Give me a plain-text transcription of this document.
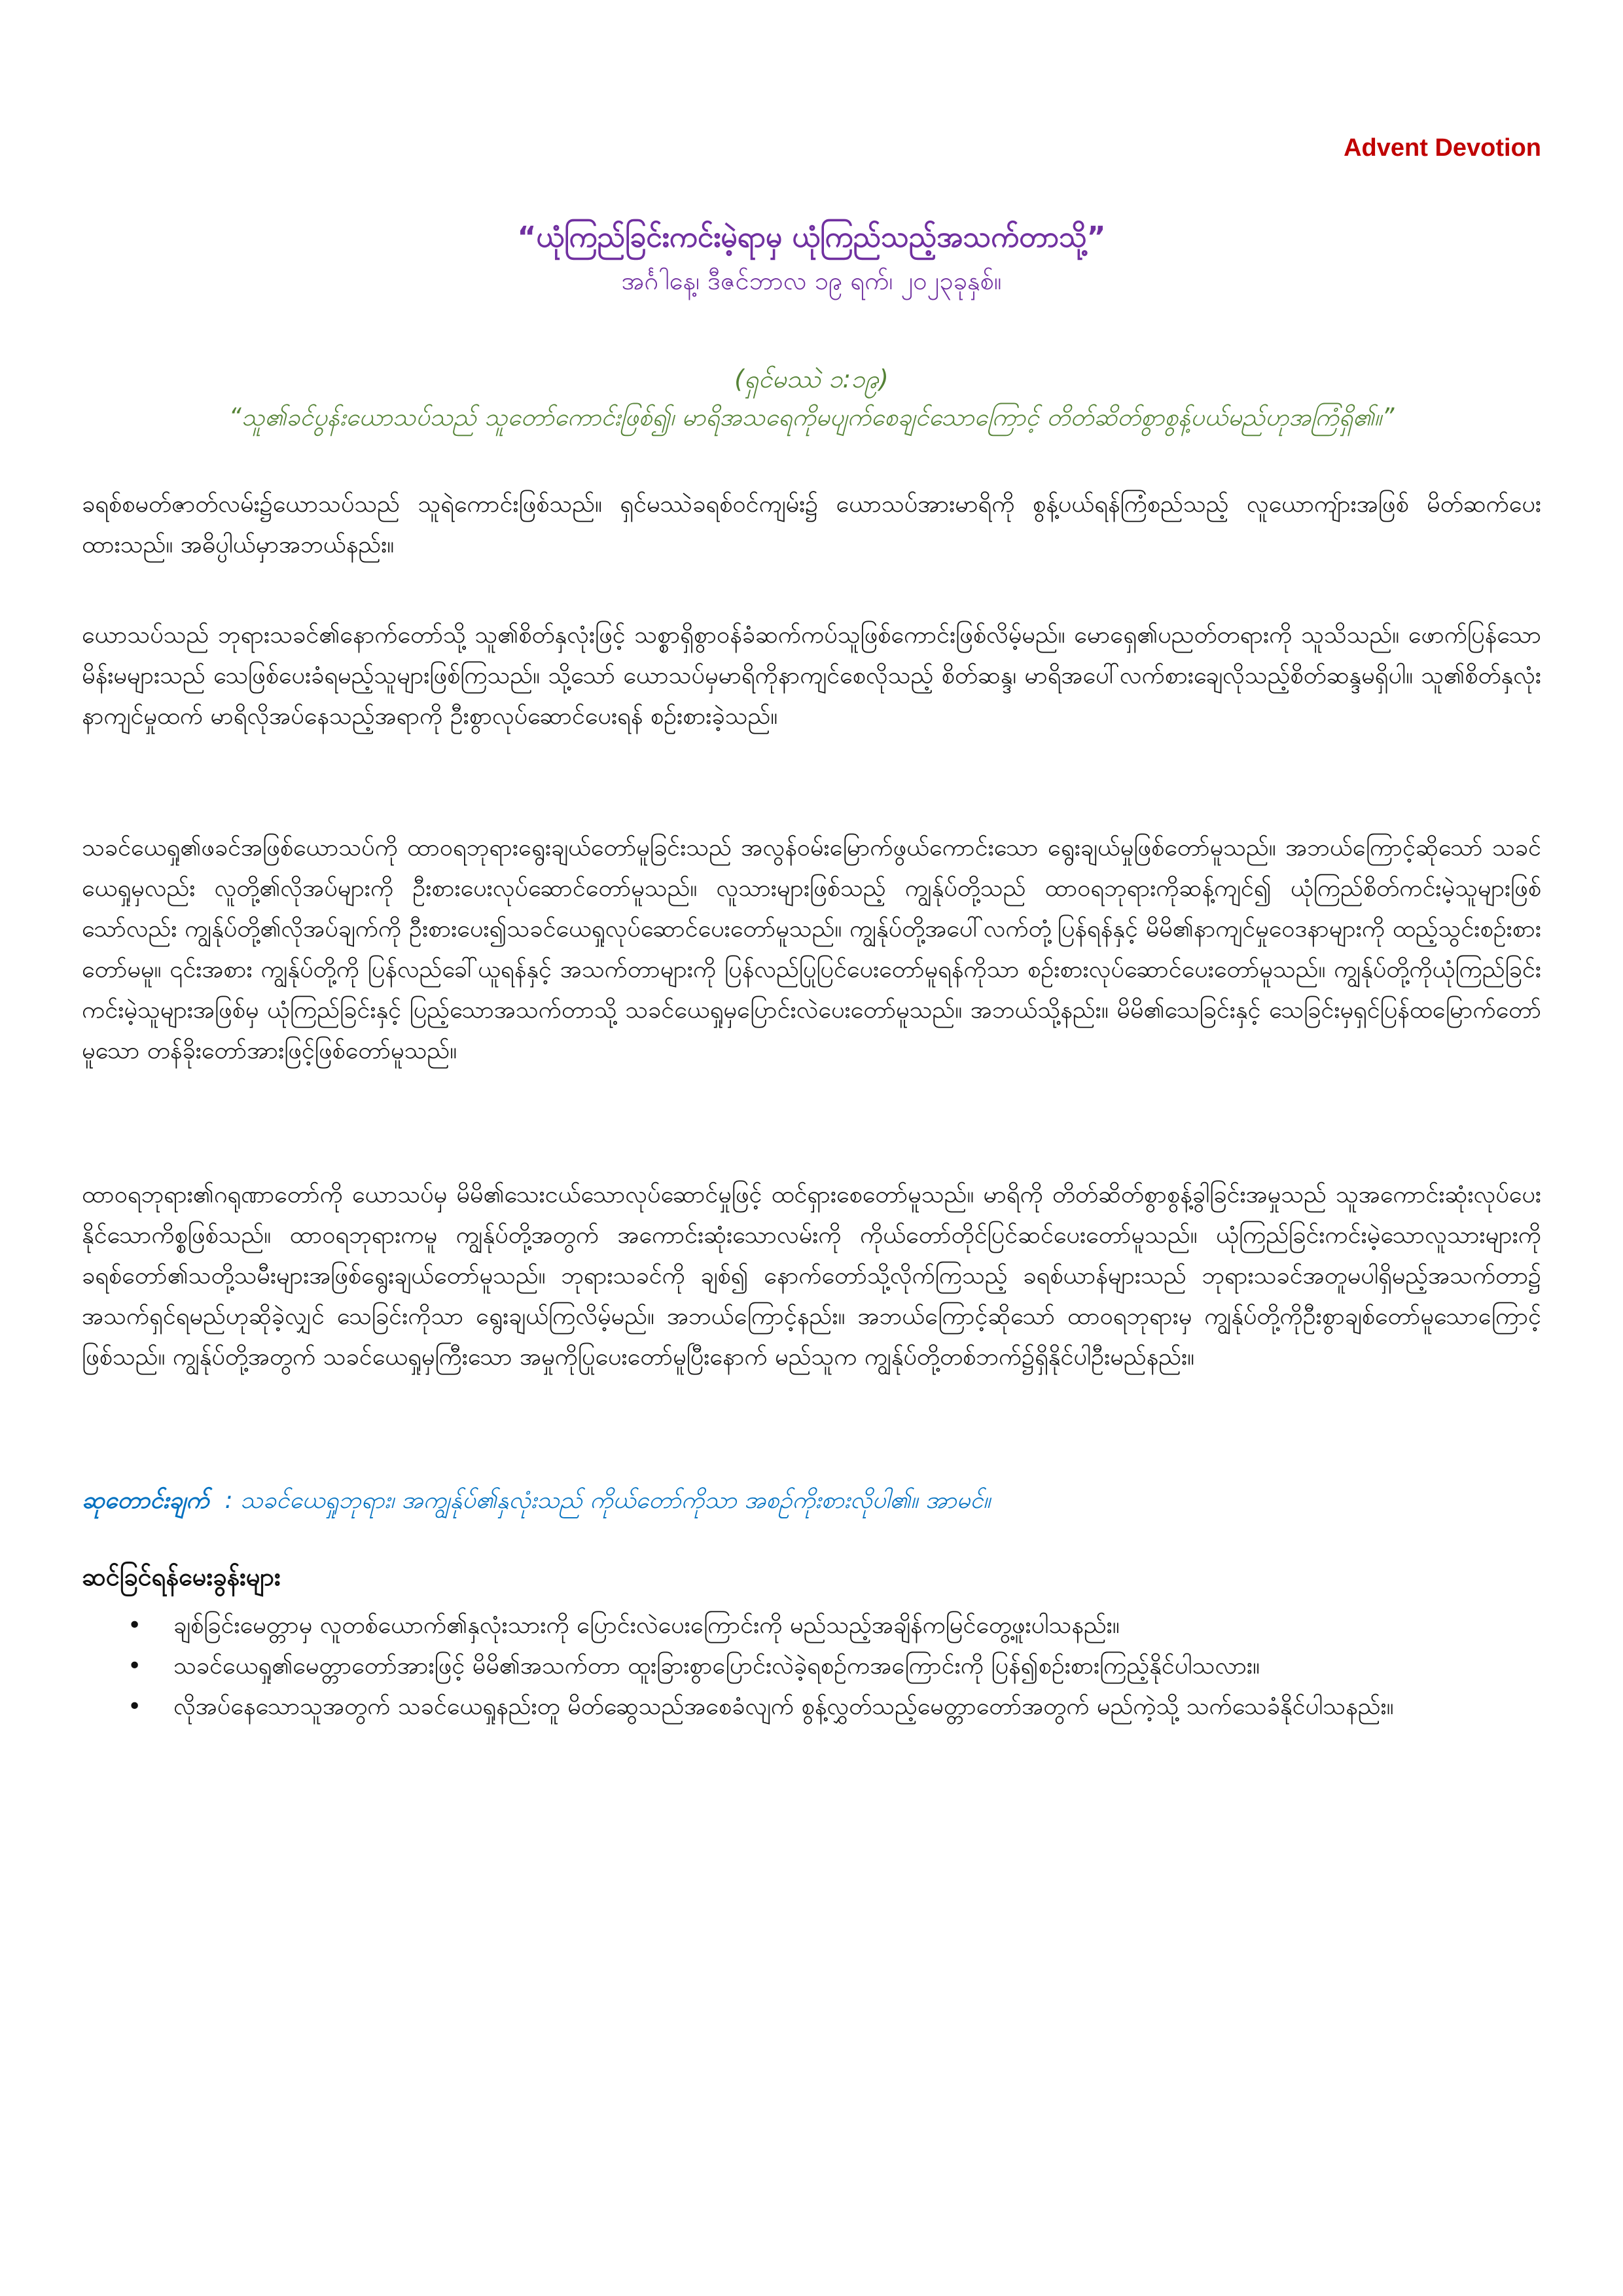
Advent Devotion
“ယုံကြည်ခြင်းကင်းမဲ့ရာမှ ယုံကြည်သည့်အသက်တာသို့”
အင်္ဂါနေ့၊ ဒီဇင်ဘာလ ၁၉ ရက်၊ ၂၀၂၃ခုနှစ်။
(ရှင်မဿဲ ၁:၁၉)
“သူ၏ခင်ပွန်းယောသပ်သည် သူတော်ကောင်းဖြစ်၍၊ မာရိအသရေကိုမပျက်စေချင်သောကြောင့် တိတ်ဆိတ်စွာစွန့်ပယ်မည်ဟုအကြံရှိ၏။”
ခရစ်စမတ်ဇာတ်လမ်း၌ယောသပ်သည် သူရဲကောင်းဖြစ်သည်။ ရှင်မဿဲခရစ်ဝင်ကျမ်း၌ ယောသပ်အားမာရိကို စွန့်ပယ်ရန်ကြံစည်သည့် လူယောကျ်ားအဖြစ် မိတ်ဆက်ပေးထားသည်။ အဓိပ္ပါယ်မှာအဘယ်နည်း။
ယောသပ်သည် ဘုရားသခင်၏နောက်တော်သို့ သူ၏စိတ်နှလုံးဖြင့် သစ္စာရှိစွာဝန်ခံဆက်ကပ်သူဖြစ်ကောင်းဖြစ်လိမ့်မည်။ မောရှေ၏ပညတ်တရားကို သူသိသည်။ ဖောက်ပြန်သောမိန်းမများသည် သေဖြစ်ပေးခံရမည့်သူများဖြစ်ကြသည်။ သို့သော် ယောသပ်မှမာရိကိုနာကျင်စေလိုသည့် စိတ်ဆန္ဒ၊ မာရိအပေါ်လက်စားချေလိုသည့်စိတ်ဆန္ဒမရှိပါ။ သူ၏စိတ်နှလုံးနာကျင်မှုထက် မာရိလိုအပ်နေသည့်အရာကို ဦးစွာလုပ်ဆောင်ပေးရန် စဉ်းစားခဲ့သည်။
သခင်ယေရှု၏ဖခင်အဖြစ်ယောသပ်ကို ထာဝရဘုရားရွေးချယ်တော်မူခြင်းသည် အလွန်ဝမ်းမြောက်ဖွယ်ကောင်းသော ရွေးချယ်မှုဖြစ်တော်မူသည်။ အဘယ်ကြောင့်ဆိုသော် သခင်ယေရှုမှလည်း လူတို့၏လိုအပ်များကို ဦးစားပေးလုပ်ဆောင်တော်မူသည်။ လူသားများဖြစ်သည့် ကျွန်ုပ်တို့သည် ထာဝရဘုရားကိုဆန့်ကျင်၍ ယုံကြည်စိတ်ကင်းမဲ့သူများဖြစ်သော်လည်း ကျွန်ုပ်တို့၏လိုအပ်ချက်ကို ဦးစားပေး၍သခင်ယေရှုလုပ်ဆောင်ပေးတော်မူသည်။ ကျွန်ုပ်တို့အပေါ်လက်တုံ့ပြန်ရန်နှင့် မိမိ၏နာကျင်မှုဝေဒနာများကို ထည့်သွင်းစဉ်းစားတော်မမူ။ ၎င်းအစား ကျွန်ုပ်တို့ကို ပြန်လည်ခေါ်ယူရန်နှင့် အသက်တာများကို ပြန်လည်ပြုပြင်ပေးတော်မူရန်ကိုသာ စဉ်းစားလုပ်ဆောင်ပေးတော်မူသည်။ ကျွန်ုပ်တို့ကိုယုံကြည်ခြင်းကင်းမဲ့သူများအဖြစ်မှ ယုံကြည်ခြင်းနှင့် ပြည့်သောအသက်တာသို့ သခင်ယေရှုမှပြောင်းလဲပေးတော်မူသည်။ အဘယ်သို့နည်း။ မိမိ၏သေခြင်းနှင့် သေခြင်းမှရှင်ပြန်ထမြောက်တော်မူသော တန်ခိုးတော်အားဖြင့်ဖြစ်တော်မူသည်။
ထာဝရဘုရား၏ဂရုဏာတော်ကို ယောသပ်မှ မိမိ၏သေးငယ်သောလုပ်ဆောင်မှုဖြင့် ထင်ရှားစေတော်မူသည်။ မာရိကို တိတ်ဆိတ်စွာစွန့်ခွါခြင်းအမှုသည် သူအကောင်းဆုံးလုပ်ပေးနိုင်သောကိစ္စဖြစ်သည်။ ထာဝရဘုရားကမူ ကျွန်ုပ်တို့အတွက် အကောင်းဆုံးသောလမ်းကို ကိုယ်တော်တိုင်ပြင်ဆင်ပေးတော်မူသည်။ ယုံကြည်ခြင်းကင်းမဲ့သောလူသားများကို ခရစ်တော်၏သတို့သမီးများအဖြစ်ရွေးချယ်တော်မူသည်။ ဘုရားသခင်ကို ချစ်၍ နောက်တော်သို့လိုက်ကြသည့် ခရစ်ယာန်များသည် ဘုရားသခင်အတူမပါရှိမည့်အသက်တာ၌ အသက်ရှင်ရမည်ဟုဆိုခဲ့လျှင် သေခြင်းကိုသာ ရွေးချယ်ကြလိမ့်မည်။ အဘယ်ကြောင့်နည်း။ အဘယ်ကြောင့်ဆိုသော် ထာဝရဘုရားမှ ကျွန်ုပ်တို့ကိုဦးစွာချစ်တော်မူသောကြောင့်ဖြစ်သည်။ ကျွန်ုပ်တို့အတွက် သခင်ယေရှုမှကြီးသော အမှုကိုပြုပေးတော်မူပြီးနောက် မည်သူက ကျွန်ုပ်တို့တစ်ဘက်၌ရှိနိုင်ပါဦးမည်နည်း။
ဆုတောင်းချက် : သခင်ယေရှုဘုရား၊ အကျွန်ုပ်၏နှလုံးသည် ကိုယ်တော်ကိုသာ အစဉ်ကိုးစားလိုပါ၏။ အာမင်။
ဆင်ခြင်ရန်မေးခွန်းများ
• ချစ်ခြင်းမေတ္တာမှ လူတစ်ယောက်၏နှလုံးသားကို ပြောင်းလဲပေးကြောင်းကို မည်သည့်အချိန်ကမြင်တွေ့ဖူးပါသနည်း။
• သခင်ယေရှု၏မေတ္တာတော်အားဖြင့် မိမိ၏အသက်တာ ထူးခြားစွာပြောင်းလဲခဲ့ရစဉ်ကအကြောင်းကို ပြန်၍စဉ်းစားကြည့်နိုင်ပါသလား။
• လိုအပ်နေသောသူအတွက် သခင်ယေရှုနည်းတူ မိတ်ဆွေသည်အစေခံလျက် စွန့်လွှတ်သည့်မေတ္တာတော်အတွက် မည်ကဲ့သို့ သက်သေခံနိုင်ပါသနည်း။
